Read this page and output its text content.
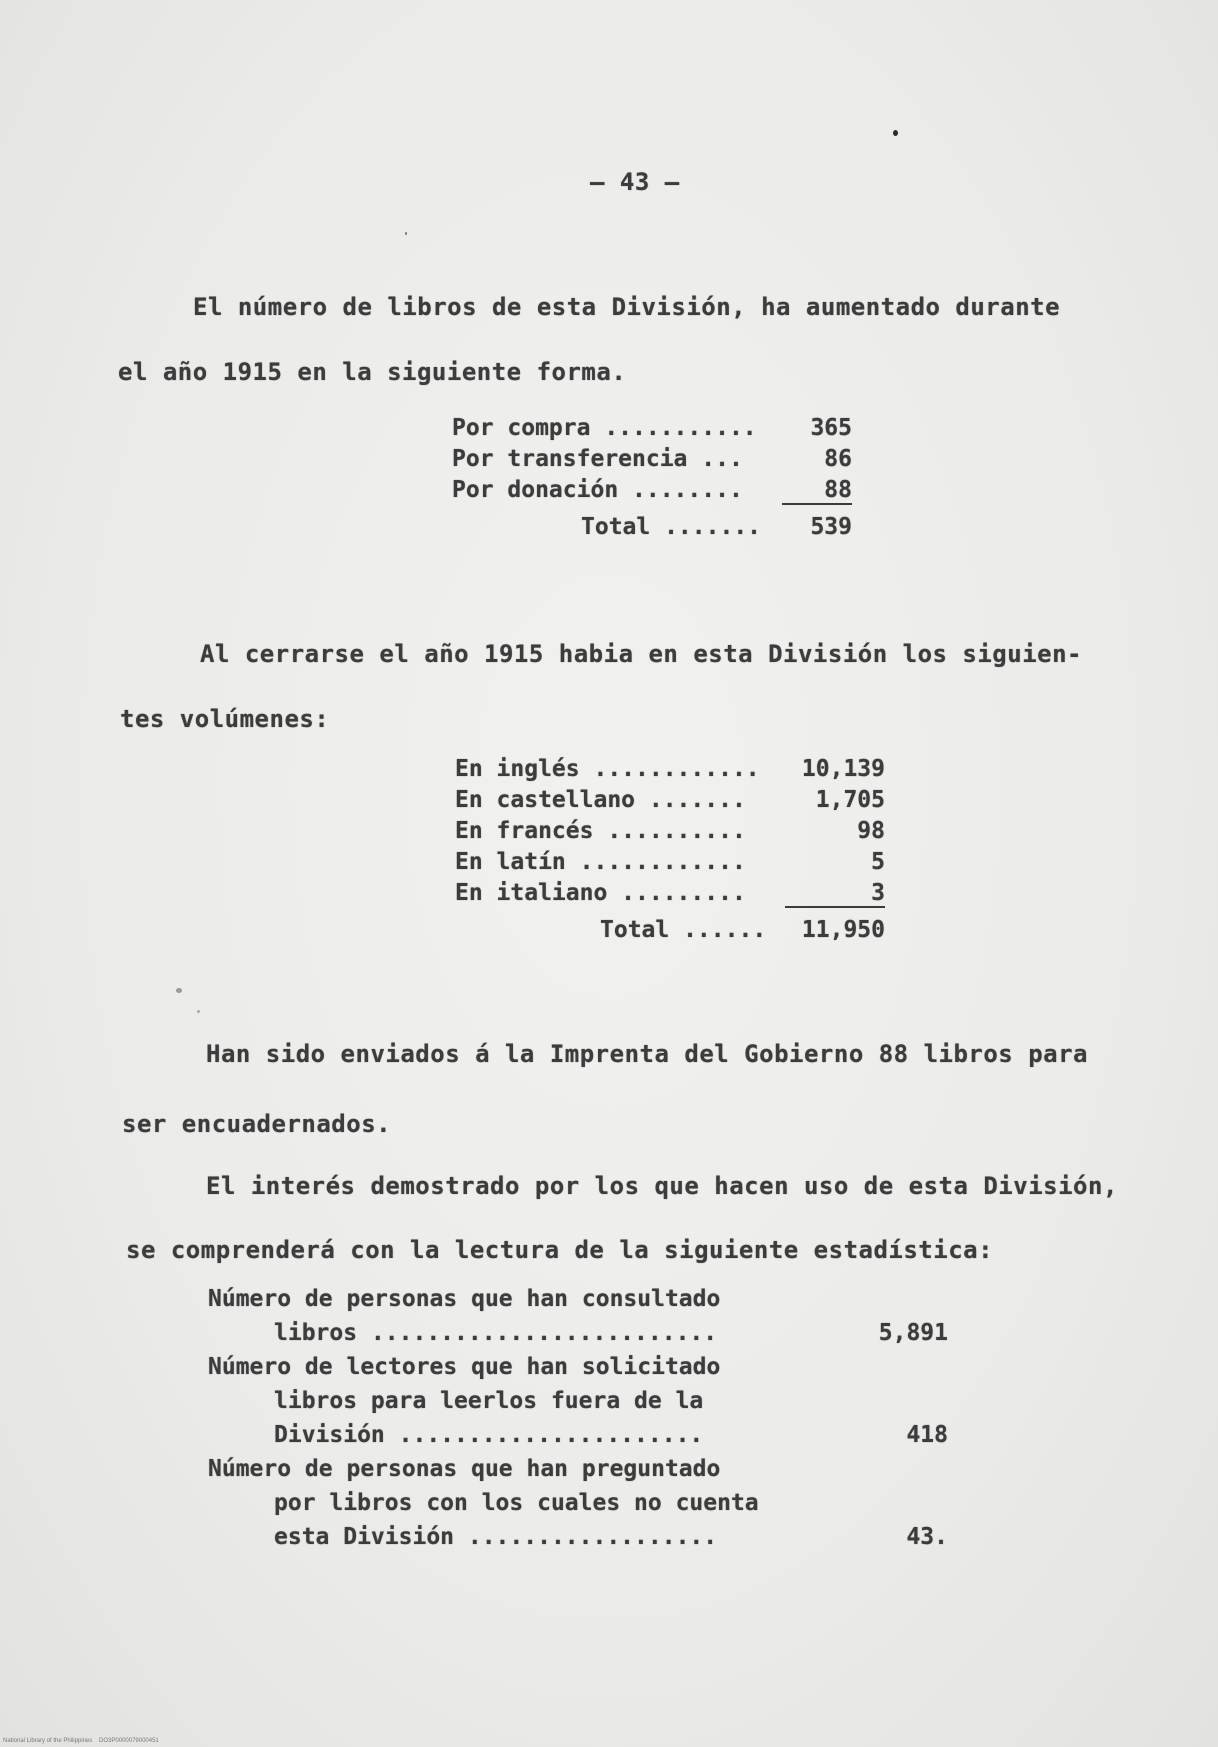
— 43 —
El número de libros de esta División, ha aumentado durante
el año 1915 en la siguiente forma.
Por compra ...........	365
Por transferencia ...	86
Por donación ........	88
Total .......	539
Al cerrarse el año 1915 habia en esta División los siguien-
tes volúmenes:
En inglés ............	10,139
En castellano .......	1,705
En francés ..........	98
En latín ............	5
En italiano .........	3
Total ......	11,950
Han sido enviados á la Imprenta del Gobierno 88 libros para
ser encuadernados.
El interés demostrado por los que hacen uso de esta División,
se comprenderá con la lectura de la siguiente estadística:
Número de personas que han consultado
libros .........................	5,891
Número de lectores que han solicitado
libros para leerlos fuera de la
División ......................	418
Número de personas que han preguntado
por libros con los cuales no cuenta
esta División ..................	43.
National Library of the Philippines    DO3P0000079000451
